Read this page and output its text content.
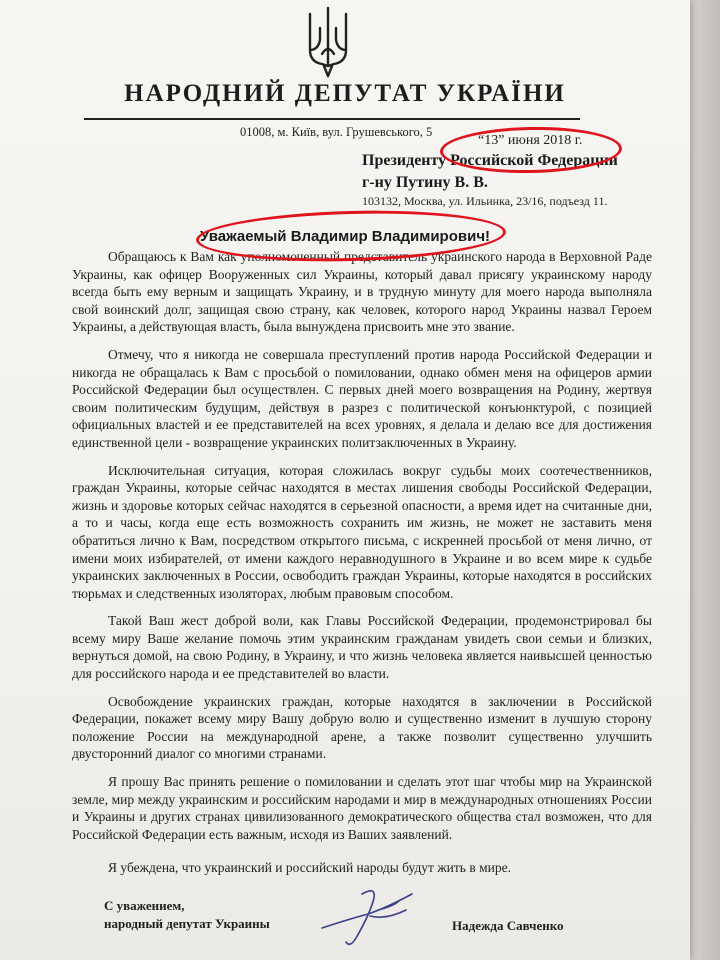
НАРОДНИЙ ДЕПУТАТ УКРАЇНИ
01008, м. Київ, вул. Грушевського, 5
“13” июня 2018 г.
Президенту Российской Федерации
г-ну Путину В. В.
103132, Москва, ул. Ильинка, 23/16, подъезд 11.
Уважаемый Владимир Владимирович!

Обращаюсь к Вам как уполномоченный представитель украинского народа в Верховной Раде Украины, как офицер Вооруженных сил Украины, который давал присягу украинскому народу всегда быть ему верным и защищать Украину, и в трудную минуту для моего народа выполняла свой воинский долг, защищая свою страну, как человек, которого народ Украины назвал Героем Украины, а действующая власть, была вынуждена присвоить мне это звание.

Отмечу, что я никогда не совершала преступлений против народа Российской Федерации и никогда не обращалась к Вам с просьбой о помиловании, однако обмен меня на офицеров армии Российской Федерации был осуществлен. С первых дней моего возвращения на Родину, жертвуя своим политическим будущим, действуя в разрез с политической конъюнктурой, с позицией официальных властей и ее представителей на всех уровнях, я делала и делаю все для достижения единственной цели - возвращение украинских политзаключенных в Украину.

Исключительная ситуация, которая сложилась вокруг судьбы моих соотечественников, граждан Украины, которые сейчас находятся в местах лишения свободы Российской Федерации, жизнь и здоровье которых сейчас находятся в серьезной опасности, а время идет на считанные дни, а то и часы, когда еще есть возможность сохранить им жизнь, не может не заставить меня обратиться лично к Вам, посредством открытого письма, с искренней просьбой от меня лично, от имени моих избирателей, от имени каждого неравнодушного в Украине и во всем мире к судьбе украинских заключенных в России, освободить граждан Украины, которые находятся в российских тюрьмах и следственных изоляторах, любым правовым способом.

Такой Ваш жест доброй воли, как Главы Российской Федерации, продемонстрировал бы всему миру Ваше желание помочь этим украинским гражданам увидеть свои семьи и близких, вернуться домой, на свою Родину, в Украину, и что жизнь человека является наивысшей ценностью для российского народа и ее представителей во власти.

Освобождение украинских граждан, которые находятся в заключении в Российской Федерации, покажет всему миру Вашу добрую волю и существенно изменит в лучшую сторону положение России на международной арене, а также позволит существенно улучшить двусторонний диалог со многими странами.

Я прошу Вас принять решение о помиловании и сделать этот шаг чтобы мир на Украинской земле, мир между украинским и российским народами и мир в международных отношениях России и Украины и других странах цивилизованного демократического общества стал возможен, что для Российской Федерации есть важным, исходя из Ваших заявлений.

Я убеждена, что украинский и российский народы будут жить в мире.
С уважением,
народный депутат Украины	Надежда Савченко
